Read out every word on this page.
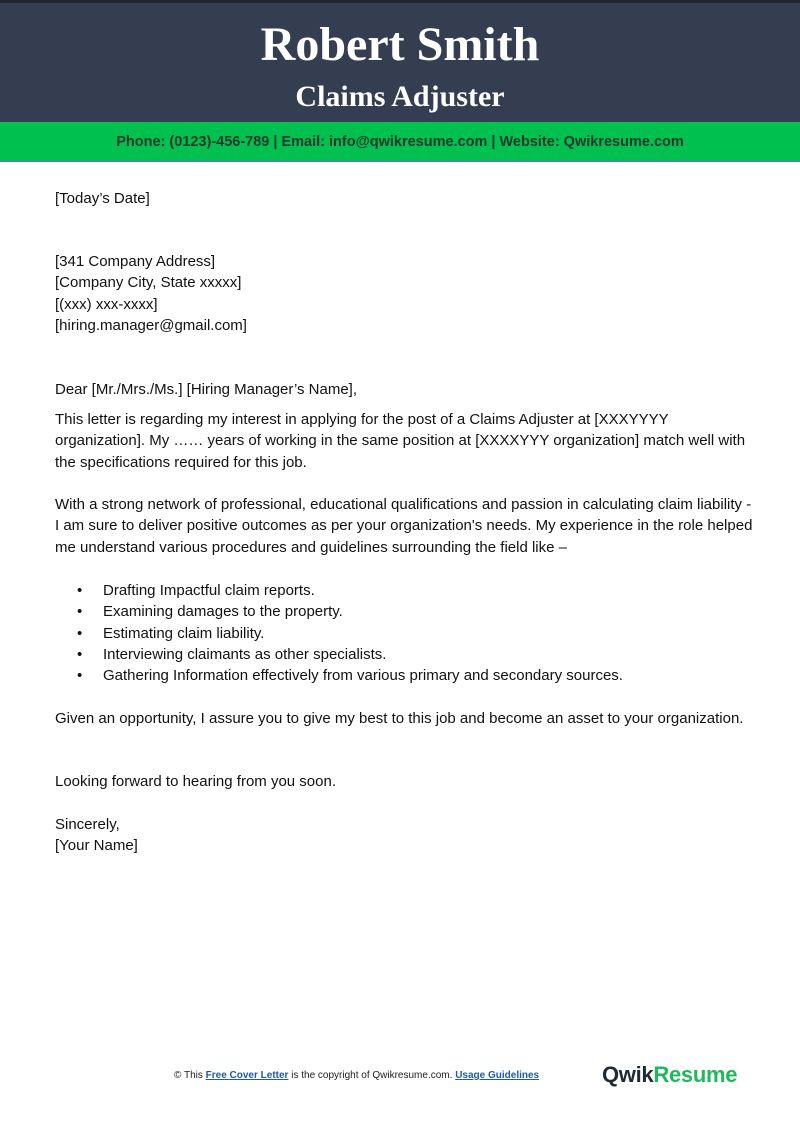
Robert Smith
Claims Adjuster
Phone: (0123)-456-789 | Email: info@qwikresume.com | Website: Qwikresume.com
[Today’s Date]
[341 Company Address]
[Company City, State xxxxx]
[(xxx) xxx-xxxx]
[hiring.manager@gmail.com]
Dear [Mr./Mrs./Ms.] [Hiring Manager’s Name],
This letter is regarding my interest in applying for the post of a Claims Adjuster at [XXXYYYY organization]. My …… years of working in the same position at [XXXXYYY organization] match well with the specifications required for this job.
With a strong network of professional, educational qualifications and passion in calculating claim liability - I am sure to deliver positive outcomes as per your organization's needs. My experience in the role helped me understand various procedures and guidelines surrounding the field like –
• Drafting Impactful claim reports.
• Examining damages to the property.
• Estimating claim liability.
• Interviewing claimants as other specialists.
• Gathering Information effectively from various primary and secondary sources.
Given an opportunity, I assure you to give my best to this job and become an asset to your organization.
Looking forward to hearing from you soon.
Sincerely,
[Your Name]
© This Free Cover Letter is the copyright of Qwikresume.com. Usage Guidelines	QwikResume
